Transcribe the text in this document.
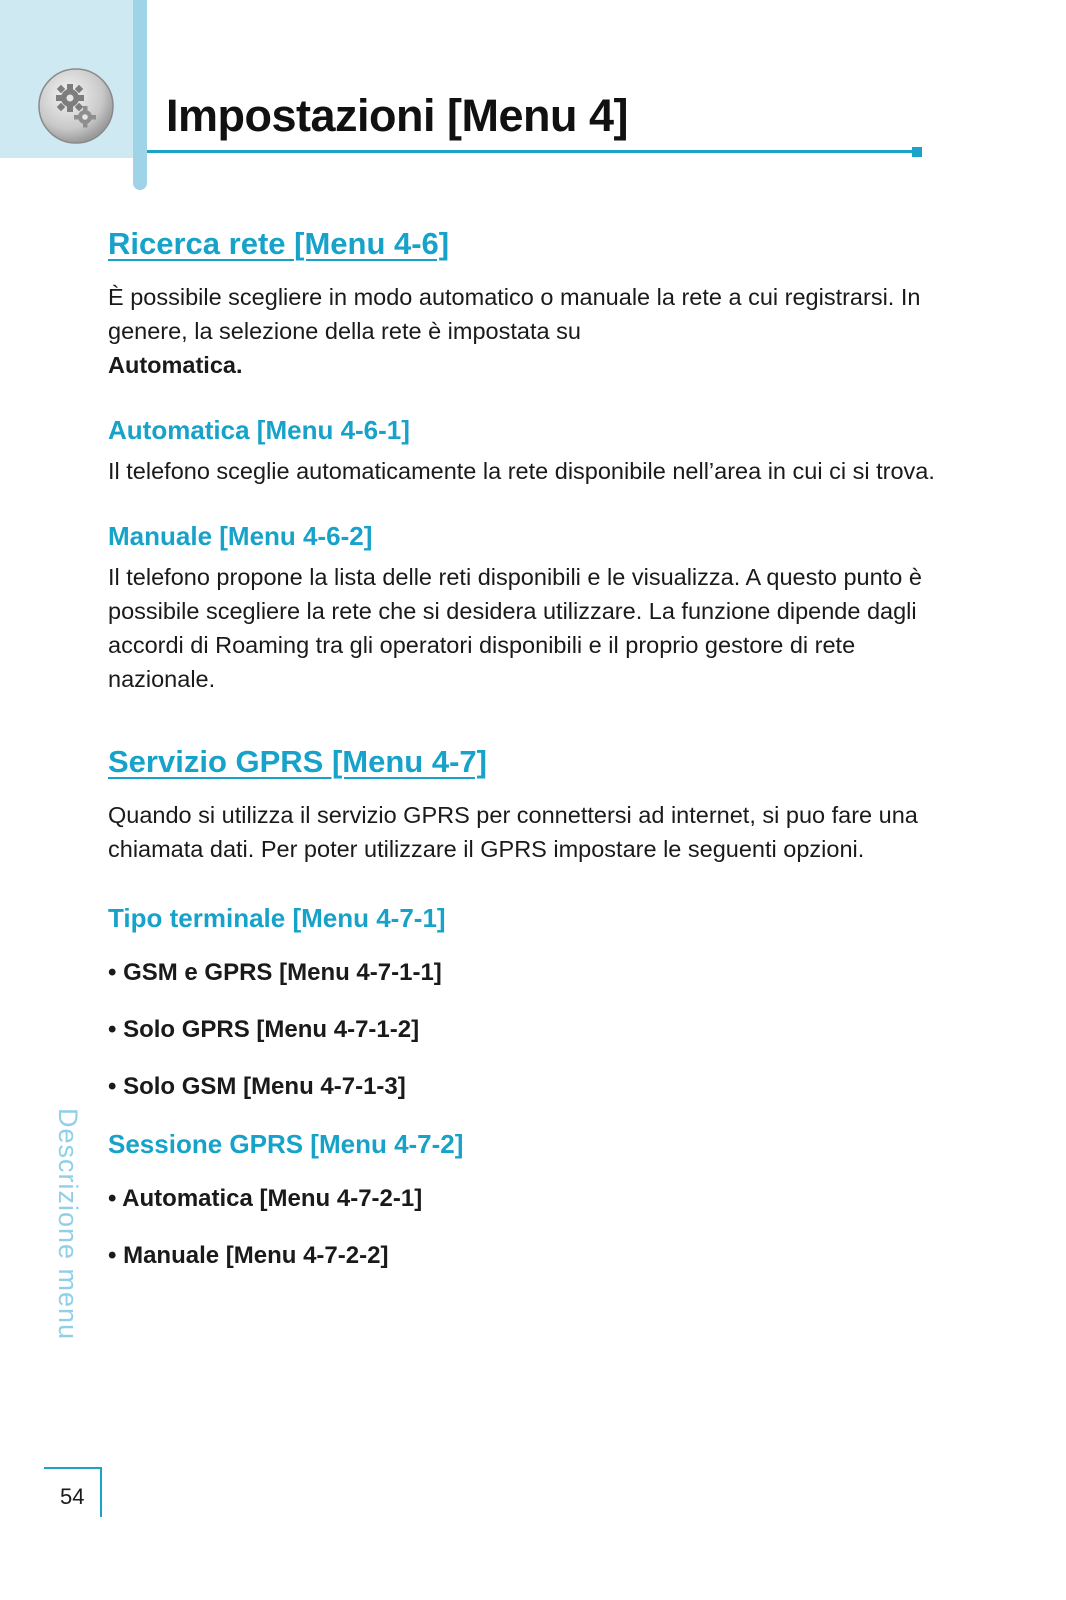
Impostazioni [Menu 4]
Ricerca rete [Menu 4-6]

È possibile scegliere in modo automatico o manuale la rete a cui registrarsi. In genere, la selezione della rete è impostata su
Automatica.

Automatica [Menu 4-6-1]

Il telefono sceglie automaticamente la rete disponibile nell’area in cui ci si trova.

Manuale [Menu 4-6-2]

Il telefono propone la lista delle reti disponibili e le visualizza. A questo punto è possibile scegliere la rete che si desidera utilizzare. La funzione dipende dagli accordi di Roaming tra gli operatori disponibili e il proprio gestore di rete nazionale.

Servizio GPRS [Menu 4-7]

Quando si utilizza il servizio GPRS per connettersi ad internet, si puo fare una chiamata dati. Per poter utilizzare il GPRS impostare le seguenti opzioni.

Tipo terminale [Menu 4-7-1]

• GSM e GPRS [Menu 4-7-1-1]

• Solo GPRS [Menu 4-7-1-2]

• Solo GSM [Menu 4-7-1-3]

Sessione GPRS [Menu 4-7-2]

• Automatica [Menu 4-7-2-1]

• Manuale [Menu 4-7-2-2]

Descrizione menu
54
